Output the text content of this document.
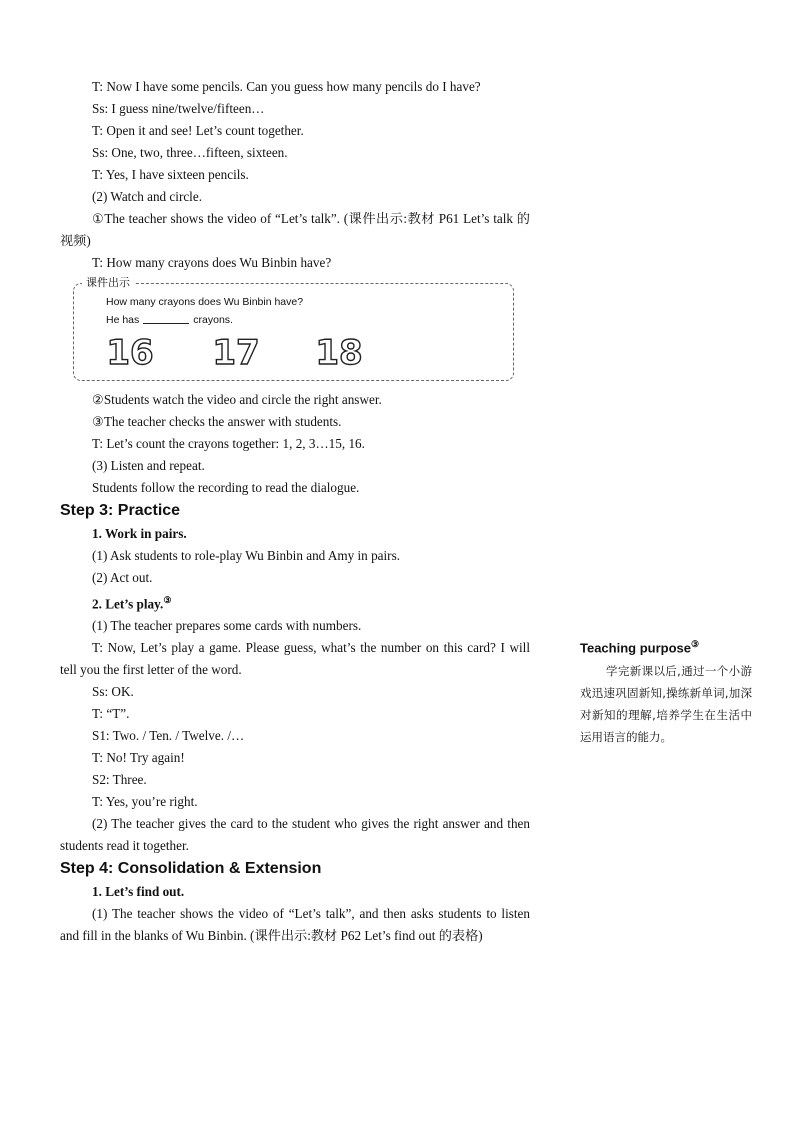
T: Now I have some pencils. Can you guess how many pencils do I have?

Ss: I guess nine/twelve/fifteen…

T: Open it and see! Let’s count together.

Ss: One, two, three…fifteen, sixteen.

T: Yes, I have sixteen pencils.

(2) Watch and circle.

①The teacher shows the video of “Let’s talk”. (课件出示:教材 P61 Let’s talk 的视频)

T: How many crayons does Wu Binbin have?

课件出示
How many crayons does Wu Binbin have?
He has	crayons.
16 17 18

②Students watch the video and circle the right answer.

③The teacher checks the answer with students.

T: Let’s count the crayons together: 1, 2, 3…15, 16.

(3) Listen and repeat.

Students follow the recording to read the dialogue.

Step 3: Practice

1. Work in pairs.

(1) Ask students to role-play Wu Binbin and Amy in pairs.

(2) Act out.

2. Let’s play.③

(1) The teacher prepares some cards with numbers.

T: Now, Let’s play a game. Please guess, what’s the number on this card? I will tell you the first letter of the word.

Ss: OK.

T: “T”.

S1: Two. / Ten. / Twelve. /…

T: No! Try again!

S2: Three.

T: Yes, you’re right.

(2) The teacher gives the card to the student who gives the right answer and then students read it together.

Step 4: Consolidation & Extension

1. Let’s find out.

(1) The teacher shows the video of “Let’s talk”, and then asks students to listen and fill in the blanks of Wu Binbin. (课件出示:教材 P62 Let’s find out 的表格)

Teaching purpose③

学完新课以后,通过一个小游戏迅速巩固新知,操练新单词,加深对新知的理解,培养学生在生活中运用语言的能力。
